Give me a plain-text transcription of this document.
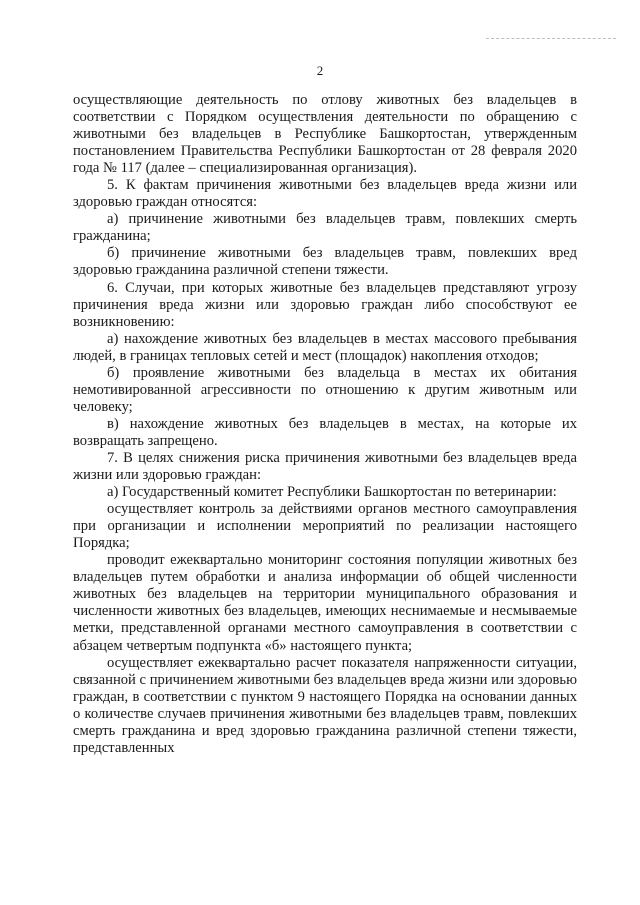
2

осуществляющие деятельность по отлову животных без владельцев в соответствии с Порядком осуществления деятельности по обращению с животными без владельцев в Республике Башкортостан, утвержденным постановлением Правительства Республики Башкортостан от 28 февраля 2020 года № 117 (далее – специализированная организация).

5. К фактам причинения животными без владельцев вреда жизни или здоровью граждан относятся:

а) причинение животными без владельцев травм, повлекших смерть гражданина;

б) причинение животными без владельцев травм, повлекших вред здоровью гражданина различной степени тяжести.

6. Случаи, при которых животные без владельцев представляют угрозу причинения вреда жизни или здоровью граждан либо способствуют ее возникновению:

а) нахождение животных без владельцев в местах массового пребывания людей, в границах тепловых сетей и мест (площадок) накопления отходов;

б) проявление животными без владельца в местах их обитания немотивированной агрессивности по отношению к другим животным или человеку;

в) нахождение животных без владельцев в местах, на которые их возвращать запрещено.

7. В целях снижения риска причинения животными без владельцев вреда жизни или здоровью граждан:

а) Государственный комитет Республики Башкортостан по ветеринарии:

осуществляет контроль за действиями органов местного самоуправления при организации и исполнении мероприятий по реализации настоящего Порядка;

проводит ежеквартально мониторинг состояния популяции животных без владельцев путем обработки и анализа информации об общей численности животных без владельцев на территории муниципального образования и численности животных без владельцев, имеющих неснимаемые и несмываемые метки, представленной органами местного самоуправления в соответствии с абзацем четвертым подпункта «б» настоящего пункта;

осуществляет ежеквартально расчет показателя напряженности ситуации, связанной с причинением животными без владельцев вреда жизни или здоровью граждан, в соответствии с пунктом 9 настоящего Порядка на основании данных о количестве случаев причинения животными без владельцев травм, повлекших смерть гражданина и вред здоровью гражданина различной степени тяжести, представленных
